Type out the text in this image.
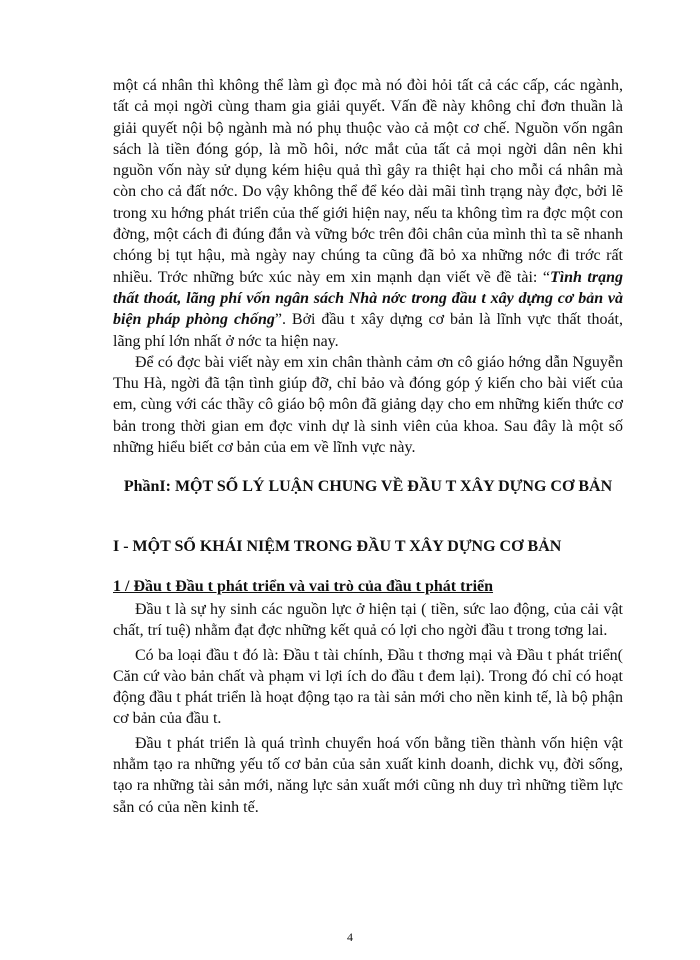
một cá nhân thì không thể làm gì đọc mà nó đòi hỏi tất cả các cấp, các ngành, tất cả mọi ngời cùng tham gia giải quyết. Vấn đề này không chỉ đơn thuần là giải quyết nội bộ ngành mà nó phụ thuộc vào cả một cơ chế. Nguồn vốn ngân sách là tiền đóng góp, là mồ hôi, nớc mắt của tất cả mọi ngời dân nên khi nguồn vốn này sử dụng kém hiệu quả thì gây ra thiệt hại cho mỗi cá nhân mà còn cho cả đất nớc. Do vậy không thể để kéo dài mãi tình trạng này đợc, bởi lẽ trong xu hớng phát triển của thế giới hiện nay, nếu ta không tìm ra đợc một con đờng, một cách đi đúng đắn và vững bớc trên đôi chân của mình thì ta sẽ nhanh chóng bị tụt hậu, mà ngày nay chúng ta cũng đã bỏ xa những nớc đi trớc rất nhiều. Trớc những bức xúc này em xin mạnh dạn viết về đề tài: “Tình trạng thất thoát, lãng phí vốn ngân sách Nhà nớc trong đầu t xây dựng cơ bản và biện pháp phòng chống”. Bởi đầu t xây dựng cơ bản là lĩnh vực thất thoát, lãng phí lớn nhất ở nớc ta hiện nay.

Để có đợc bài viết này em xin chân thành cảm ơn cô giáo hớng dẫn Nguyễn Thu Hà, ngời đã tận tình giúp đỡ, chỉ bảo và đóng góp ý kiến cho bài viết của em, cùng với các thầy cô giáo bộ môn đã giảng dạy cho em những kiến thức cơ bản trong thời gian em đợc vinh dự là sinh viên của khoa. Sau đây là một số những hiểu biết cơ bản của em về lĩnh vực này.

PhầnI: MỘT SỐ LÝ LUẬN CHUNG VỀ ĐẦU T XÂY DỰNG CƠ BẢN
I - MỘT SỐ KHÁI NIỆM TRONG ĐẦU T XÂY DỰNG CƠ BẢN
1 / Đầu t Đầu t phát triển và vai trò của đầu t phát triển

Đầu t là sự hy sinh các nguồn lực ở hiện tại ( tiền, sức lao động, của cải vật chất, trí tuệ) nhằm đạt đợc những kết quả có lợi cho ngời đầu t trong tơng lai.

Có ba loại đầu t đó là: Đầu t tài chính, Đầu t thơng mại và Đầu t phát triển( Căn cứ vào bản chất và phạm vi lợi ích do đầu t đem lại). Trong đó chỉ có hoạt động đầu t phát triển là hoạt động tạo ra tài sản mới cho nền kinh tế, là bộ phận cơ bản của đầu t.

Đầu t phát triển là quá trình chuyển hoá vốn bằng tiền thành vốn hiện vật nhằm tạo ra những yếu tố cơ bản của sản xuất kinh doanh, dichk vụ, đời sống, tạo ra những tài sản mới, năng lực sản xuất mới cũng nh duy trì những tiềm lực sẵn có của nền kinh tế.

4
